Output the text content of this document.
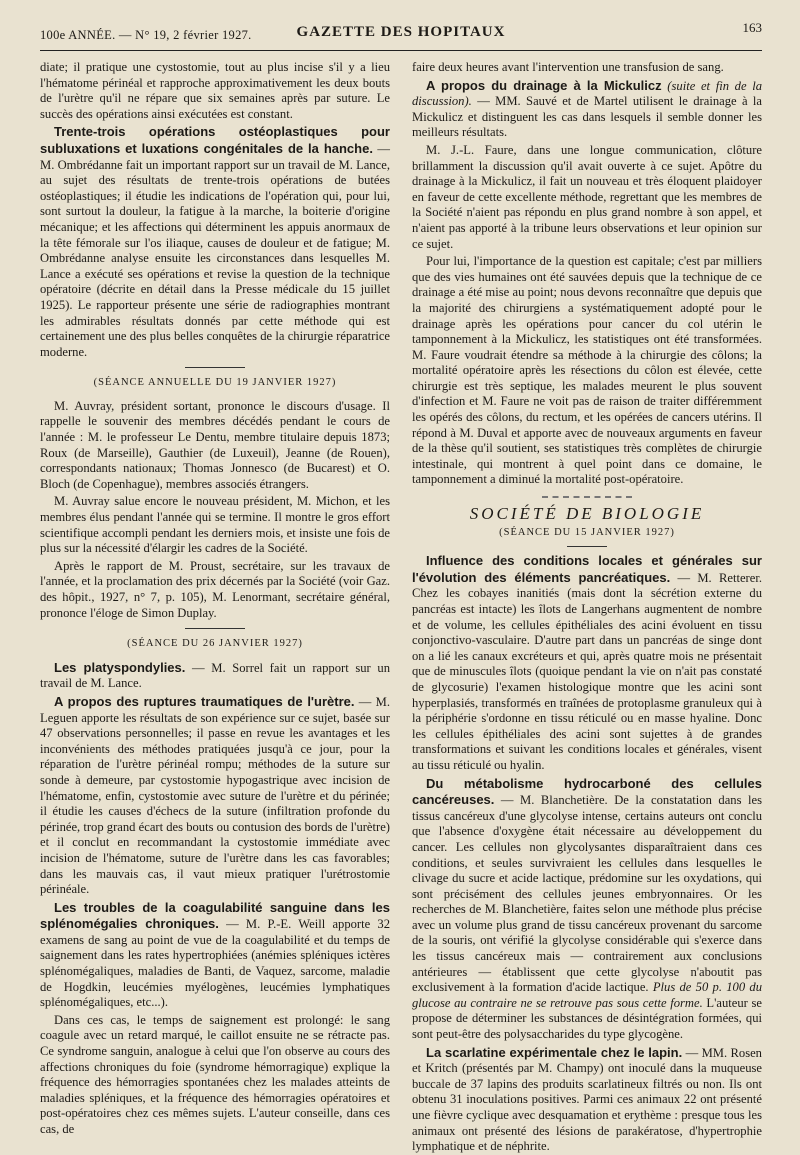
100e ANNÉE. — N° 19, 2 février 1927.	GAZETTE DES HOPITAUX	163

diate; il pratique une cystostomie, tout au plus incise s'il y a lieu l'hématome périnéal et rapproche approximativement les deux bouts de l'urètre qu'il ne répare que six semaines après par suture. Le succès des opérations ainsi exécutées est constant.

Trente-trois opérations ostéoplastiques pour subluxations et luxations congénitales de la hanche. — M. Ombrédanne fait un important rapport sur un travail de M. Lance, au sujet des résultats de trente-trois opérations de butées ostéoplastiques; il étudie les indications de l'opération qui, pour lui, sont surtout la douleur, la fatigue à la marche, la boiterie d'origine mécanique; et les affections qui déterminent les appuis anormaux de la tête fémorale sur l'os iliaque, causes de douleur et de fatigue; M. Ombrédanne analyse ensuite les circonstances dans lesquelles M. Lance a exécuté ses opérations et revise la question de la technique opératoire (décrite en détail dans la Presse médicale du 15 juillet 1925). Le rapporteur présente une série de radiographies montrant les admirables résultats donnés par cette méthode qui est certainement une des plus belles conquêtes de la chirurgie réparatrice moderne.

(SÉANCE ANNUELLE DU 19 JANVIER 1927)

M. Auvray, président sortant, prononce le discours d'usage. Il rappelle le souvenir des membres décédés pendant le cours de l'année : M. le professeur Le Dentu, membre titulaire depuis 1873; Roux (de Marseille), Gauthier (de Luxeuil), Jeanne (de Rouen), correspondants nationaux; Thomas Jonnesco (de Bucarest) et O. Bloch (de Copenhague), membres associés étrangers.

M. Auvray salue encore le nouveau président, M. Michon, et les membres élus pendant l'année qui se termine. Il montre le gros effort scientifique accompli pendant les derniers mois, et insiste une fois de plus sur la nécessité d'élargir les cadres de la Société.

Après le rapport de M. Proust, secrétaire, sur les travaux de l'année, et la proclamation des prix décernés par la Société (voir Gaz. des hôpit., 1927, n° 7, p. 105), M. Lenormant, secrétaire général, prononce l'éloge de Simon Duplay.

(SÉANCE DU 26 JANVIER 1927)

Les platyspondylies. — M. Sorrel fait un rapport sur un travail de M. Lance.

A propos des ruptures traumatiques de l'urètre. — M. Leguen apporte les résultats de son expérience sur ce sujet, basée sur 47 observations personnelles; il passe en revue les avantages et les inconvénients des méthodes pratiquées jusqu'à ce jour, pour la réparation de l'urètre périnéal rompu; méthodes de la suture sur sonde à demeure, par cystostomie hypogastrique avec incision de l'hématome, enfin, cystostomie avec suture de l'urètre et du périnée; il étudie les causes d'échecs de la suture (infiltration profonde du périnée, trop grand écart des bouts ou contusion des bords de l'urètre) et il conclut en recommandant la cystostomie immédiate avec incision de l'hématome, suture de l'urètre dans les cas favorables; dans les mauvais cas, il vaut mieux pratiquer l'urétrostomie périnéale.

Les troubles de la coagulabilité sanguine dans les splénomégalies chroniques. — M. P.-E. Weill apporte 32 examens de sang au point de vue de la coagulabilité et du temps de saignement dans les rates hypertrophiées (anémies spléniques ictères splénomégaliques, maladies de Banti, de Vaquez, sarcome, maladie de Hogdkin, leucémies myélogènes, leucémies lymphatiques splénomégaliques, etc...).

Dans ces cas, le temps de saignement est prolongé: le sang coagule avec un retard marqué, le caillot ensuite ne se rétracte pas. Ce syndrome sanguin, analogue à celui que l'on observe au cours des affections chroniques du foie (syndrome hémorragique) explique la fréquence des hémorragies spontanées chez les malades atteints de maladies spléniques, et la fréquence des hémorragies opératoires et post-opératoires chez ces mêmes sujets. L'auteur conseille, dans ces cas, de

faire deux heures avant l'intervention une transfusion de sang.

A propos du drainage à la Mickulicz (suite et fin de la discussion). — MM. Sauvé et de Martel utilisent le drainage à la Mickulicz et distinguent les cas dans lesquels il semble donner les meilleurs résultats.

M. J.-L. Faure, dans une longue communication, clôture brillamment la discussion qu'il avait ouverte à ce sujet. Apôtre du drainage à la Mickulicz, il fait un nouveau et très éloquent plaidoyer en faveur de cette excellente méthode, regrettant que les membres de la Société n'aient pas répondu en plus grand nombre à son appel, et n'aient pas apporté à la tribune leurs observations et leur opinion sur ce sujet.

Pour lui, l'importance de la question est capitale; c'est par milliers que des vies humaines ont été sauvées depuis que la technique de ce drainage a été mise au point; nous devons reconnaître que depuis que la majorité des chirurgiens a systématiquement adopté pour le drainage après les opérations pour cancer du col utérin le tamponnement à la Mickulicz, les statistiques ont été transformées. M. Faure voudrait étendre sa méthode à la chirurgie des côlons; la mortalité opératoire après les résections du côlon est élevée, cette chirurgie est très septique, les malades meurent le plus souvent d'infection et M. Faure ne voit pas de raison de traiter différemment les opérés des côlons, du rectum, et les opérées de cancers utérins. Il répond à M. Duval et apporte avec de nouveaux arguments en faveur de la thèse qu'il soutient, ses statistiques très complètes de chirurgie intestinale, qui montrent à quel point dans ce domaine, le tamponnement a diminué la mortalité post-opératoire.

SOCIÉTÉ DE BIOLOGIE
(SÉANCE DU 15 JANVIER 1927)

Influence des conditions locales et générales sur l'évolution des éléments pancréatiques. — M. Retterer. Chez les cobayes inanitiés (mais dont la sécrétion externe du pancréas est intacte) les îlots de Langerhans augmentent de nombre et de volume, les cellules épithéliales des acini évoluent en tissu conjonctivo-vasculaire. D'autre part dans un pancréas de singe dont on a lié les canaux excréteurs et qui, après quatre mois ne présentait que de minuscules îlots (quoique pendant la vie on n'ait pas constaté de glycosurie) l'examen histologique montre que les acini sont hyperplasiés, transformés en traînées de protoplasme granuleux qui à la périphérie s'ordonne en tissu réticulé ou en masse hyaline. Donc les cellules épithéliales des acini sont sujettes à de grandes transformations et suivant les conditions locales et générales, visent au tissu réticulé ou hyalin.

Du métabolisme hydrocarboné des cellules cancéreuses. — M. Blanchetière. De la constatation dans les tissus cancéreux d'une glycolyse intense, certains auteurs ont conclu que l'absence d'oxygène était nécessaire au développement du cancer. Les cellules non glycolysantes disparaîtraient dans ces conditions, et seules survivraient les cellules dans lesquelles le clivage du sucre et acide lactique, prédomine sur les oxydations, qui sont précisément des cellules jeunes embryonnaires. Or les recherches de M. Blanchetière, faites selon une méthode plus précise avec un volume plus grand de tissu cancéreux provenant du sarcome de la souris, ont vérifié la glycolyse considérable qui s'exerce dans les tissus cancéreux mais — contrairement aux conclusions antérieures — établissent que cette glycolyse n'aboutit pas exclusivement à la formation d'acide lactique. Plus de 50 p. 100 du glucose au contraire ne se retrouve pas sous cette forme. L'auteur se propose de déterminer les substances de désintégration formées, qui sont peut-être des polysaccharides du type glycogène.

La scarlatine expérimentale chez le lapin. — MM. Rosen et Kritch (présentés par M. Champy) ont inoculé dans la muqueuse buccale de 37 lapins des produits scarlatineux filtrés ou non. Ils ont obtenu 31 inoculations positives. Parmi ces animaux 22 ont présenté une fièvre cyclique avec desquamation et erythème : presque tous les animaux ont présenté des lésions de parakératose, d'hypertrophie lymphatique et de néphrite.
